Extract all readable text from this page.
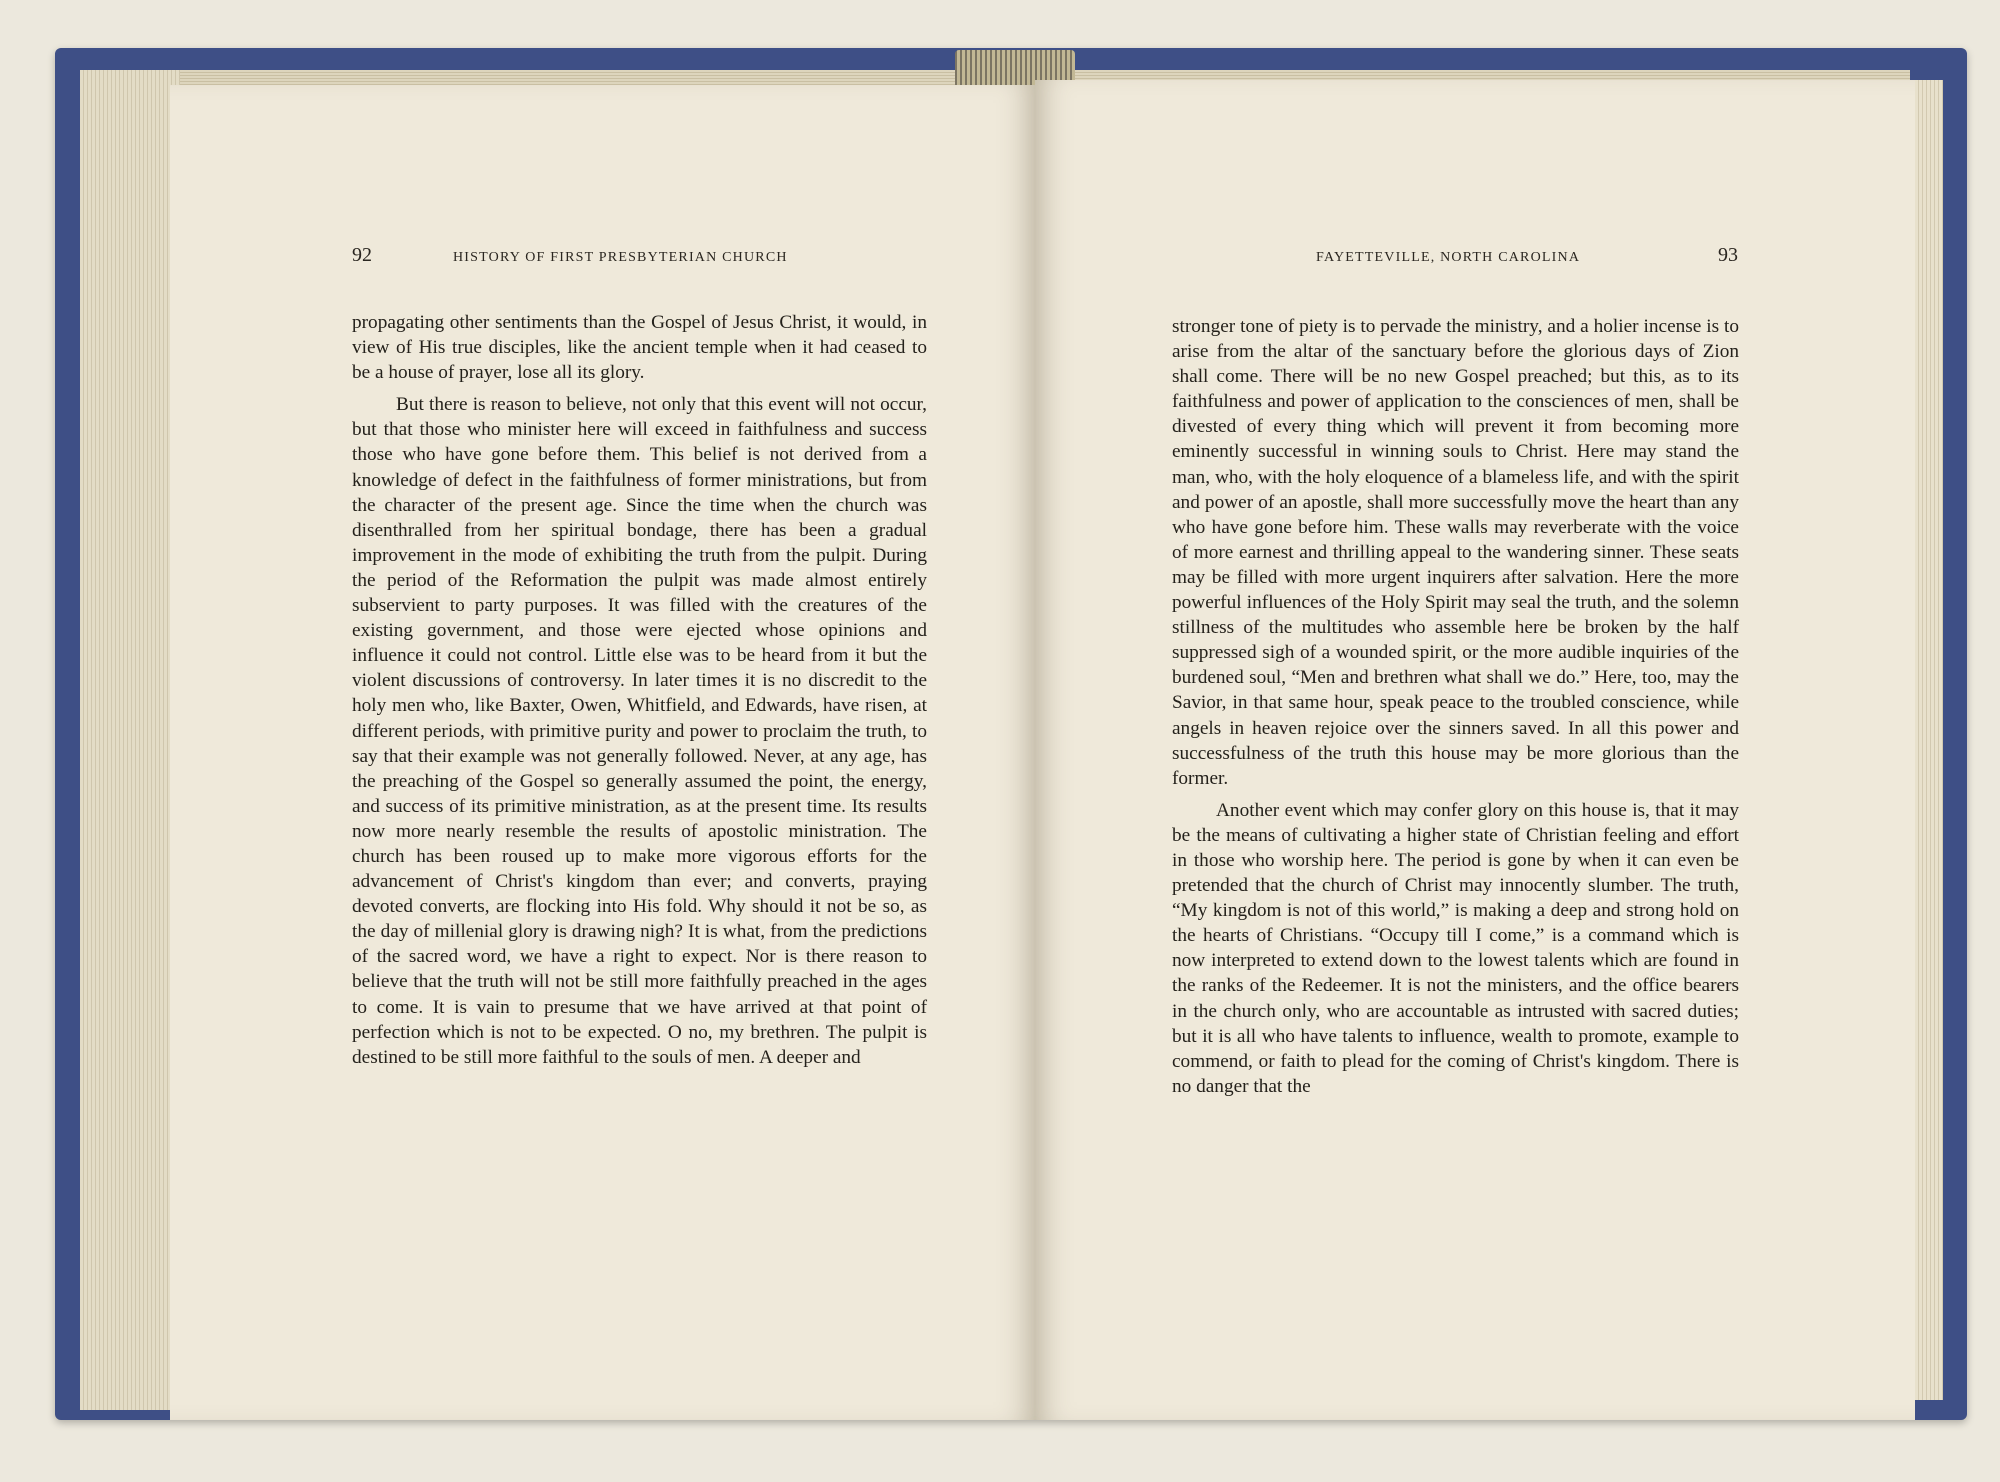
92	HISTORY OF FIRST PRESBYTERIAN CHURCH	FAYETTEVILLE, NORTH CAROLINA	93

propagating other sentiments than the Gospel of Jesus Christ, it would, in view of His true disciples, like the ancient temple when it had ceased to be a house of prayer, lose all its glory.

But there is reason to believe, not only that this event will not occur, but that those who minister here will exceed in faithfulness and success those who have gone before them. This belief is not derived from a knowledge of defect in the faithfulness of former ministrations, but from the character of the present age. Since the time when the church was disenthralled from her spiritual bondage, there has been a gradual improvement in the mode of exhibiting the truth from the pulpit. During the period of the Reformation the pulpit was made almost entirely subservient to party purposes. It was filled with the creatures of the existing government, and those were ejected whose opinions and influence it could not control. Little else was to be heard from it but the violent discussions of controversy. In later times it is no discredit to the holy men who, like Baxter, Owen, Whitfield, and Edwards, have risen, at different periods, with primitive purity and power to proclaim the truth, to say that their example was not generally followed. Never, at any age, has the preaching of the Gospel so generally assumed the point, the energy, and success of its primitive ministration, as at the present time. Its results now more nearly resemble the results of apostolic ministration. The church has been roused up to make more vigorous efforts for the advancement of Christ's kingdom than ever; and converts, praying devoted converts, are flocking into His fold. Why should it not be so, as the day of millenial glory is drawing nigh? It is what, from the predictions of the sacred word, we have a right to expect. Nor is there reason to believe that the truth will not be still more faithfully preached in the ages to come. It is vain to presume that we have arrived at that point of perfection which is not to be expected. O no, my brethren. The pulpit is destined to be still more faithful to the souls of men. A deeper and

stronger tone of piety is to pervade the ministry, and a holier incense is to arise from the altar of the sanctuary before the glorious days of Zion shall come. There will be no new Gospel preached; but this, as to its faithfulness and power of application to the consciences of men, shall be divested of every thing which will prevent it from becoming more eminently successful in winning souls to Christ. Here may stand the man, who, with the holy eloquence of a blameless life, and with the spirit and power of an apostle, shall more successfully move the heart than any who have gone before him. These walls may reverberate with the voice of more earnest and thrilling appeal to the wandering sinner. These seats may be filled with more urgent inquirers after salvation. Here the more powerful influences of the Holy Spirit may seal the truth, and the solemn stillness of the multitudes who assemble here be broken by the half suppressed sigh of a wounded spirit, or the more audible inquiries of the burdened soul, “Men and brethren what shall we do.” Here, too, may the Savior, in that same hour, speak peace to the troubled conscience, while angels in heaven rejoice over the sinners saved. In all this power and successfulness of the truth this house may be more glorious than the former.

Another event which may confer glory on this house is, that it may be the means of cultivating a higher state of Christian feeling and effort in those who worship here. The period is gone by when it can even be pretended that the church of Christ may innocently slumber. The truth, “My kingdom is not of this world,” is making a deep and strong hold on the hearts of Christians. “Occupy till I come,” is a command which is now interpreted to extend down to the lowest talents which are found in the ranks of the Redeemer. It is not the ministers, and the office bearers in the church only, who are accountable as intrusted with sacred duties; but it is all who have talents to influence, wealth to promote, example to commend, or faith to plead for the coming of Christ's kingdom. There is no danger that the
